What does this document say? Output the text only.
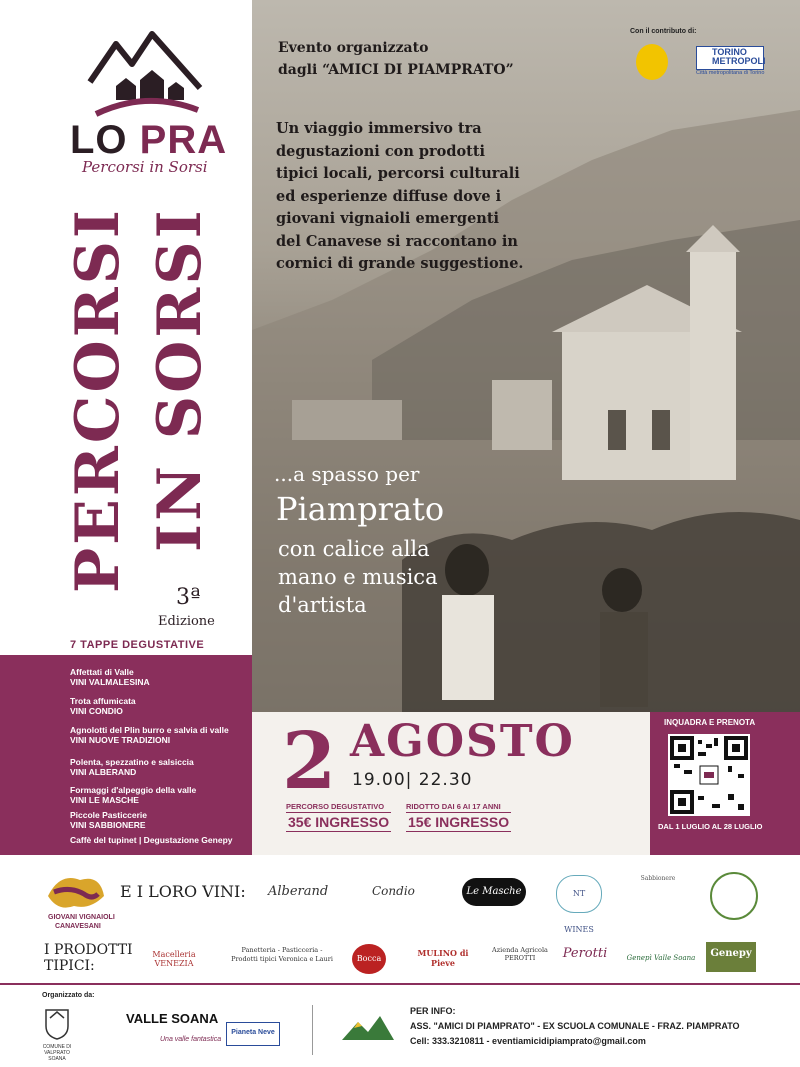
LO PRA
Percorsi in Sorsi
PERCORSI IN SORSI
3ª
Edizione
7 TAPPE DEGUSTATIVE
Affettati di Valle
VINI VALMALESINA
Trota affumicata
VINI CONDIO
Agnolotti del Plin burro e salvia di valle
VINI NUOVE TRADIZIONI
Polenta, spezzatino e salsiccia
VINI ALBERAND
Formaggi d'alpeggio della valle
VINI LE MASCHE
Piccole Pasticcerie
VINI SABBIONERE
Caffè del tupinet | Degustazione Genepy
Evento organizzato
dagli “AMICI DI PIAMPRATO”
Un viaggio immersivo tra degustazioni con prodotti tipici locali, percorsi culturali ed esperienze diffuse dove i giovani vignaioli emergenti del Canavese si raccontano in cornici di grande suggestione.
Con il contributo di:
TORINO
METROPOLI
Città metropolitana di Torino
...a spasso per
Piamprato
con calice alla mano e musica d'artista
2 AGOSTO
19.00| 22.30
PERCORSO DEGUSTATIVO
35€ INGRESSO
RIDOTTO DAI 6 AI 17 ANNI
15€ INGRESSO
INQUADRA E PRENOTA
DAL 1 LUGLIO AL 28 LUGLIO
GIOVANI VIGNAIOLI
CANAVESANI
E I LORO VINI: Alberand	Condio	Le Masche	NT WINES
Sabbionere
I PRODOTTI
TIPICI:
Macelleria VENEZIA
Panetteria - Pasticceria - Prodotti tipici Veronica e Lauri	Bocca
MULINO di Pieve
Azienda Agricola PEROTTI	Perotti	Genepì Valle Soana	Genepy
Organizzato da:
COMUNE DI VALPRATO SOANA
VALLE SOANA
Una valle fantastica
Pianeta Neve
PER INFO:
ASS. "AMICI DI PIAMPRATO" - EX SCUOLA COMUNALE - FRAZ. PIAMPRATO
Cell: 333.3210811 - eventiamicidipiamprato@gmail.com
